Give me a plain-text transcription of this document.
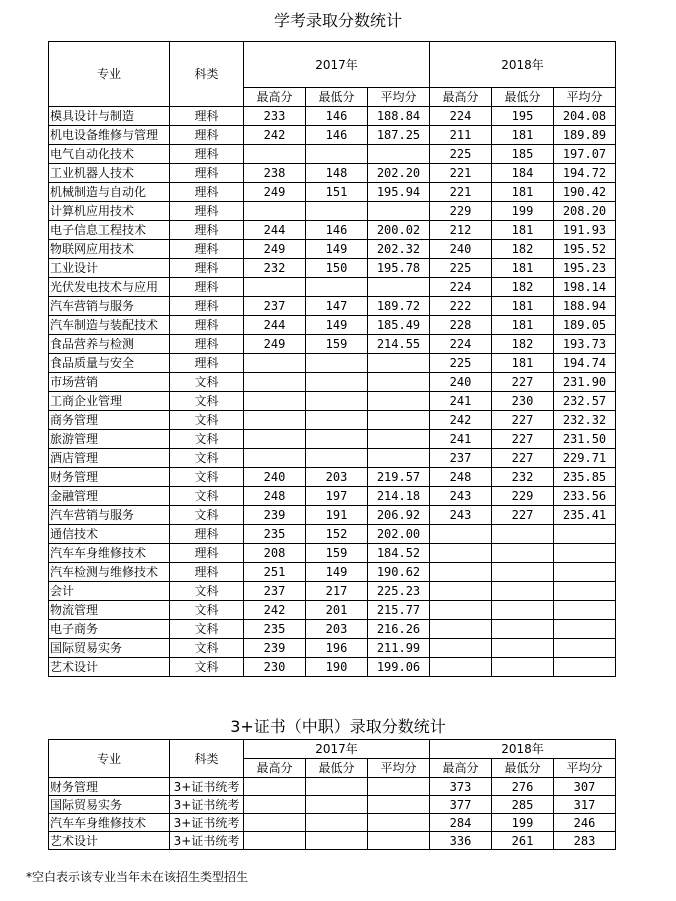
学考录取分数统计
专业	科类	2017年			2018年		
		最高分	最低分	平均分	最高分	最低分	平均分
模具设计与制造	理科	233	146	188.84	224	195	204.08
机电设备维修与管理	理科	242	146	187.25	211	181	189.89
电气自动化技术	理科				225	185	197.07
工业机器人技术	理科	238	148	202.20	221	184	194.72
机械制造与自动化	理科	249	151	195.94	221	181	190.42
计算机应用技术	理科				229	199	208.20
电子信息工程技术	理科	244	146	200.02	212	181	191.93
物联网应用技术	理科	249	149	202.32	240	182	195.52
工业设计	理科	232	150	195.78	225	181	195.23
光伏发电技术与应用	理科				224	182	198.14
汽车营销与服务	理科	237	147	189.72	222	181	188.94
汽车制造与装配技术	理科	244	149	185.49	228	181	189.05
食品营养与检测	理科	249	159	214.55	224	182	193.73
食品质量与安全	理科				225	181	194.74
市场营销	文科				240	227	231.90
工商企业管理	文科				241	230	232.57
商务管理	文科				242	227	232.32
旅游管理	文科				241	227	231.50
酒店管理	文科				237	227	229.71
财务管理	文科	240	203	219.57	248	232	235.85
金融管理	文科	248	197	214.18	243	229	233.56
汽车营销与服务	文科	239	191	206.92	243	227	235.41
通信技术	理科	235	152	202.00			
汽车车身维修技术	理科	208	159	184.52			
汽车检测与维修技术	理科	251	149	190.62			
会计	文科	237	217	225.23			
物流管理	文科	242	201	215.77			
电子商务	文科	235	203	216.26			
国际贸易实务	文科	239	196	211.99			
艺术设计	文科	230	190	199.06			
3+证书（中职）录取分数统计
专业	科类	2017年			2018年		
		最高分	最低分	平均分	最高分	最低分	平均分
财务管理	3+证书统考				373	276	307
国际贸易实务	3+证书统考				377	285	317
汽车车身维修技术	3+证书统考				284	199	246
艺术设计	3+证书统考				336	261	283
*空白表示该专业当年未在该招生类型招生
